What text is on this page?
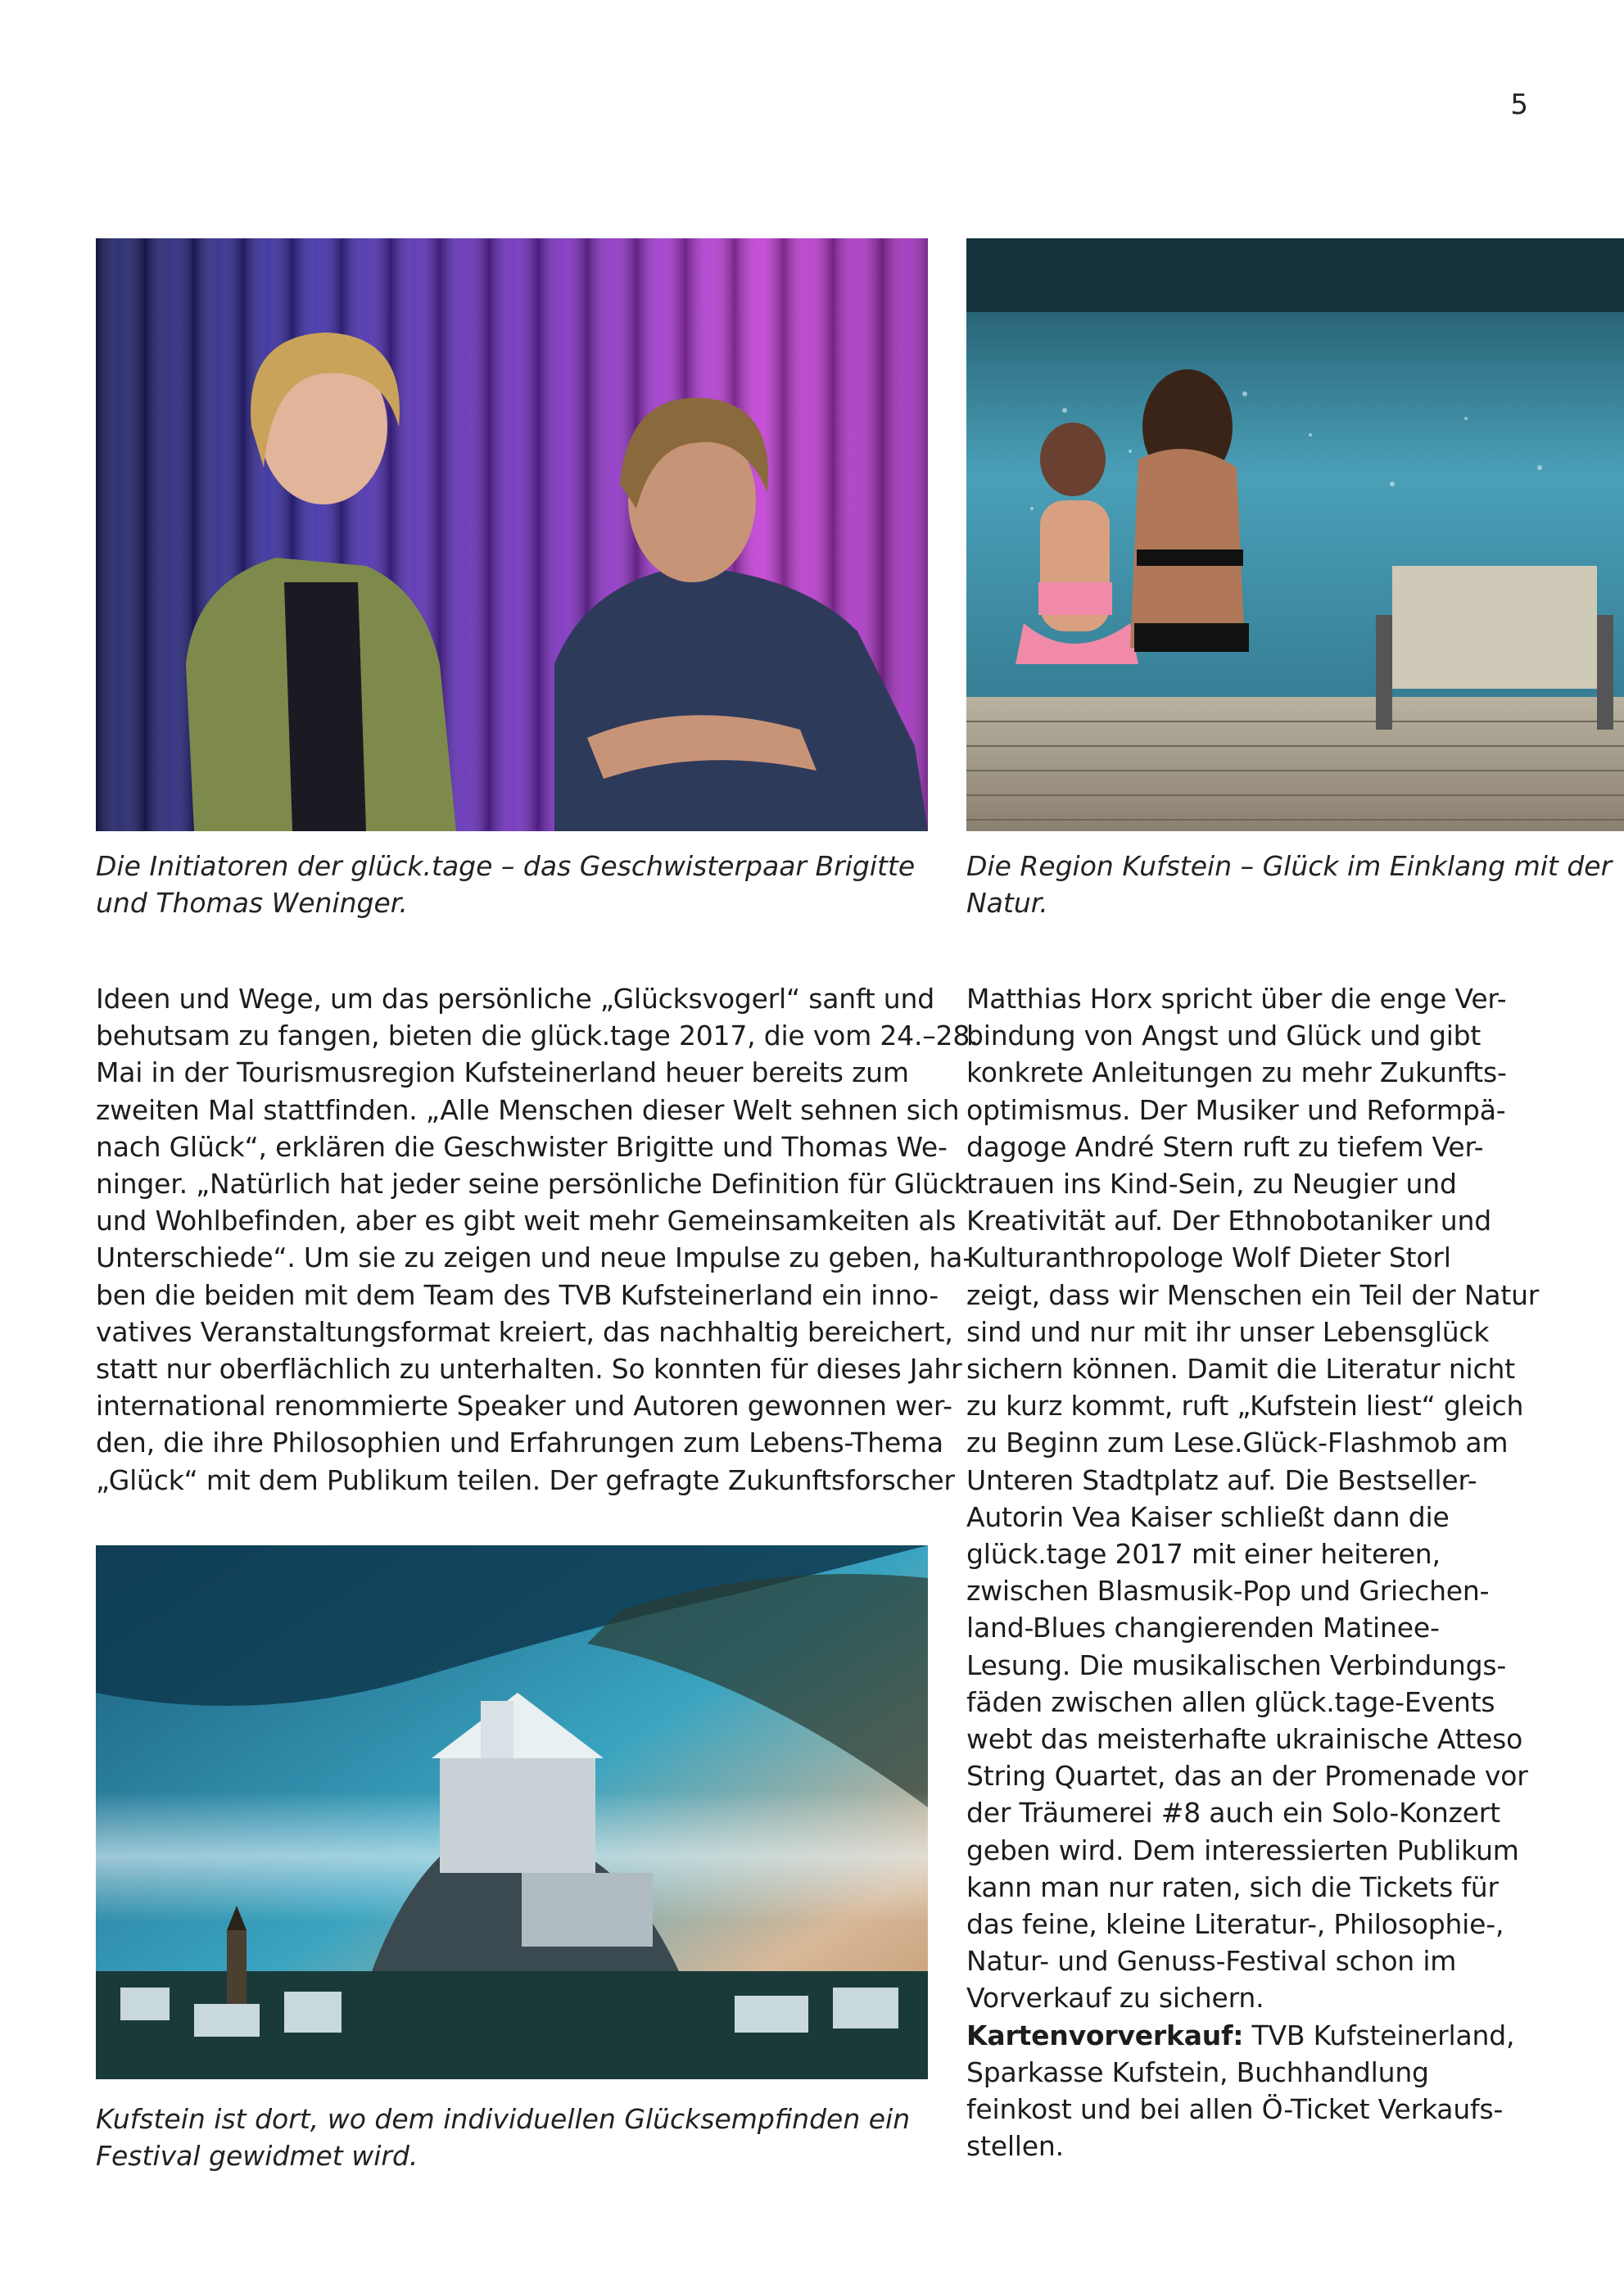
5

Die Initiatoren der glück.tage – das Geschwisterpaar Brigitte und Thomas Weninger.

Die Region Kufstein – Glück im Einklang mit der Natur.

Kufstein ist dort, wo dem individuellen Glücksempfinden ein Festival gewidmet wird.

Ideen und Wege, um das persönliche „Glücksvogerl“ sanft und
behutsam zu fangen, bieten die glück.tage 2017, die vom 24.–28.
Mai in der Tourismusregion Kufsteinerland heuer bereits zum
zweiten Mal stattfinden. „Alle Menschen dieser Welt sehnen sich
nach Glück“, erklären die Geschwister Brigitte und Thomas We-
ninger. „Natürlich hat jeder seine persönliche Definition für Glück
und Wohlbefinden, aber es gibt weit mehr Gemeinsamkeiten als
Unterschiede“. Um sie zu zeigen und neue Impulse zu geben, ha-
ben die beiden mit dem Team des TVB Kufsteinerland ein inno-
vatives Veranstaltungsformat kreiert, das nachhaltig bereichert,
statt nur oberflächlich zu unterhalten. So konnten für dieses Jahr
international renommierte Speaker und Autoren gewonnen wer-
den, die ihre Philosophien und Erfahrungen zum Lebens-Thema
„Glück“ mit dem Publikum teilen. Der gefragte Zukunftsforscher

Matthias Horx spricht über die enge Ver-
bindung von Angst und Glück und gibt
konkrete Anleitungen zu mehr Zukunfts-
optimismus. Der Musiker und Reformpä-
dagoge André Stern ruft zu tiefem Ver-
trauen ins Kind-Sein, zu Neugier und
Kreativität auf. Der Ethnobotaniker und
Kulturanthropologe Wolf Dieter Storl
zeigt, dass wir Menschen ein Teil der Natur
sind und nur mit ihr unser Lebensglück
sichern können. Damit die Literatur nicht
zu kurz kommt, ruft „Kufstein liest“ gleich
zu Beginn zum Lese.Glück-Flashmob am
Unteren Stadtplatz auf. Die Bestseller-
Autorin Vea Kaiser schließt dann die
glück.tage 2017 mit einer heiteren,
zwischen Blasmusik-Pop und Griechen-
land-Blues changierenden Matinee-
Lesung. Die musikalischen Verbindungs-
fäden zwischen allen glück.tage-Events
webt das meisterhafte ukrainische Atteso
String Quartet, das an der Promenade vor
der Träumerei #8 auch ein Solo-Konzert
geben wird. Dem interessierten Publikum
kann man nur raten, sich die Tickets für
das feine, kleine Literatur-, Philosophie-,
Natur- und Genuss-Festival schon im
Vorverkauf zu sichern.
Kartenvorverkauf: TVB Kufsteinerland,
Sparkasse Kufstein, Buchhandlung
feinkost und bei allen Ö-Ticket Verkaufs-
stellen.
